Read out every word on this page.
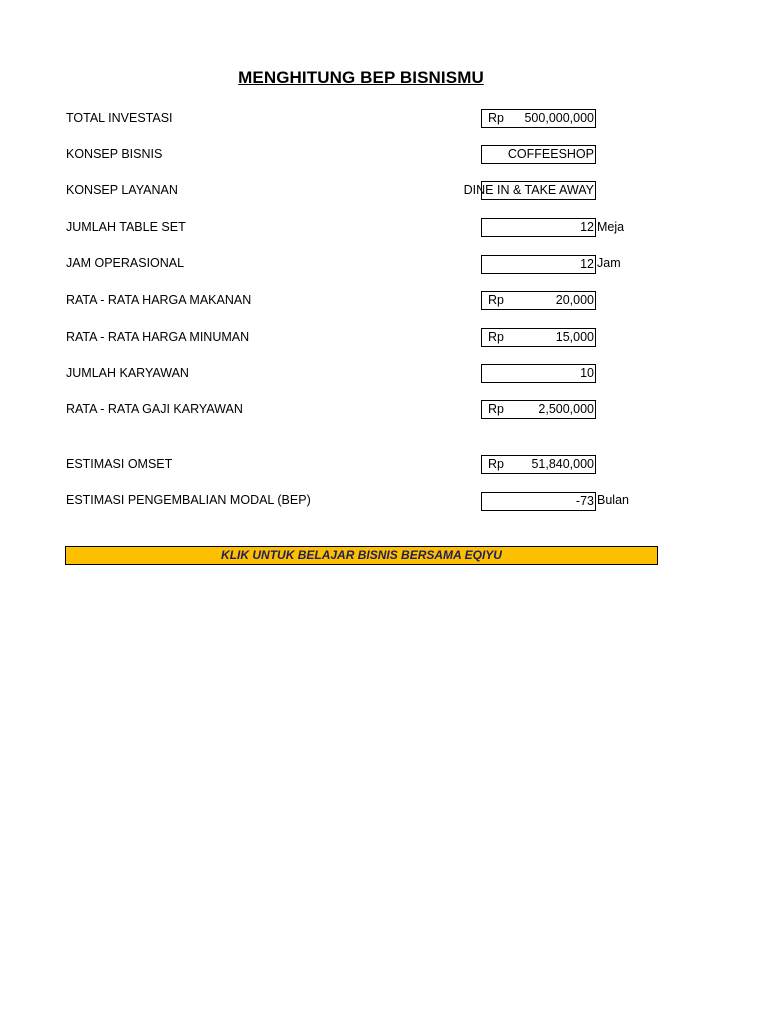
MENGHITUNG BEP BISNISMU
TOTAL INVESTASI	Rp 500,000,000
KONSEP BISNIS	COFFEESHOP
KONSEP LAYANAN	DINE IN & TAKE AWAY
JUMLAH TABLE SET	12 Meja
JAM OPERASIONAL	12 Jam
RATA - RATA HARGA MAKANAN	Rp	20,000
RATA - RATA HARGA MINUMAN	Rp	15,000
JUMLAH KARYAWAN	10
RATA - RATA GAJI KARYAWAN	Rp	2,500,000
ESTIMASI OMSET	Rp 51,840,000
ESTIMASI PENGEMBALIAN MODAL (BEP)	-73 Bulan
KLIK UNTUK BELAJAR BISNIS BERSAMA EQIYU
